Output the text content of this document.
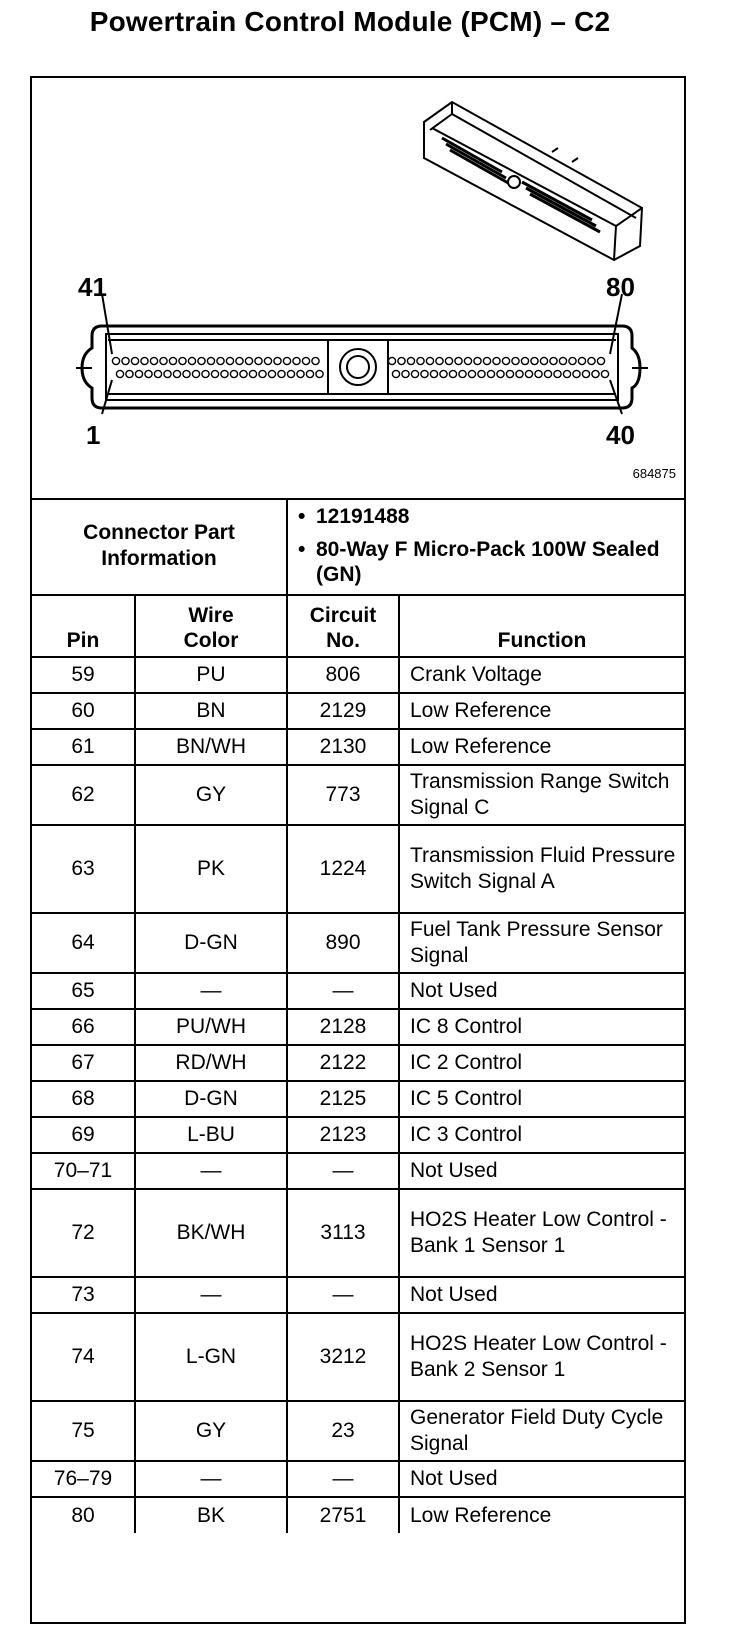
Powertrain Control Module (PCM) – C2
41	80
1	40
684875
Connector Part Information
• 12191488
• 80-Way F Micro-Pack 100W Sealed (GN)
Pin	Wire Color	Circuit No.	Function
59	PU	806	Crank Voltage
60	BN	2129	Low Reference
61	BN/WH	2130	Low Reference
62	GY	773	Transmission Range Switch Signal C
63	PK	1224	Transmission Fluid Pressure Switch Signal A
64	D-GN	890	Fuel Tank Pressure Sensor Signal
65	—	—	Not Used
66	PU/WH	2128	IC 8 Control
67	RD/WH	2122	IC 2 Control
68	D-GN	2125	IC 5 Control
69	L-BU	2123	IC 3 Control
70–71	—	—	Not Used
72	BK/WH	3113	HO2S Heater Low Control - Bank 1 Sensor 1
73	—	—	Not Used
74	L-GN	3212	HO2S Heater Low Control - Bank 2 Sensor 1
75	GY	23	Generator Field Duty Cycle Signal
76–79	—	—	Not Used
80	BK	2751	Low Reference
